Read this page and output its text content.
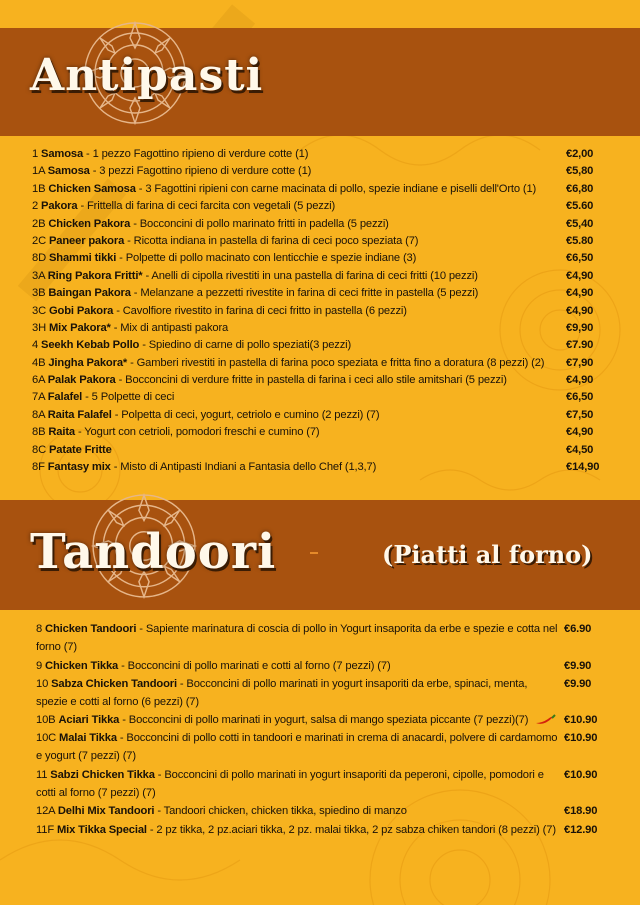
Antipasti
1 Samosa - 1 pezzo Fagottino ripieno di verdure cotte (1)	€2,00
1A Samosa - 3 pezzi Fagottino ripieno di verdure cotte (1)	€5,80
1B Chicken Samosa - 3 Fagottini ripieni con carne macinata di pollo, spezie indiane e piselli dell'Orto (1)	€6,80
2 Pakora - Frittella di farina di ceci farcita con vegetali (5 pezzi)	€5.60
2B Chicken Pakora - Bocconcini di pollo marinato fritti in padella (5 pezzi)	€5,40
2C Paneer pakora - Ricotta indiana in pastella di farina di ceci poco speziata (7)	€5.80
8D Shammi tikki - Polpette di pollo macinato con lenticchie e spezie indiane (3)	€6,50
3A Ring Pakora Fritti* - Anelli di cipolla rivestiti in una pastella di farina di ceci fritti (10 pezzi)	€4,90
3B Baingan Pakora - Melanzane a pezzetti rivestite in farina di ceci fritte in pastella (5 pezzi)	€4,90
3C Gobi Pakora - Cavolfiore rivestito in farina di ceci fritto in pastella (6 pezzi)	€4,90
3H Mix Pakora* - Mix di antipasti pakora	€9,90
4 Seekh Kebab Pollo - Spiedino di carne di pollo speziati(3 pezzi)	€7.90
4B Jingha Pakora* - Gamberi rivestiti in pastella di farina poco speziata e fritta fino a doratura (8 pezzi) (2)	€7,90
6A Palak Pakora - Bocconcini di verdure fritte in pastella di farina i ceci allo stile amitshari (5 pezzi)	€4,90
7A Falafel - 5 Polpette di ceci	€6,50
8A Raita Falafel - Polpetta di ceci, yogurt, cetriolo e cumino (2 pezzi) (7)	€7,50
8B Raita - Yogurt con cetrioli, pomodori freschi e cumino (7)	€4,90
8C Patate Fritte	€4,50
8F Fantasy mix - Misto di Antipasti Indiani a Fantasia dello Chef (1,3,7)	€14,90
Tandoori	(Piatti al forno)
8 Chicken Tandoori - Sapiente marinatura di coscia di pollo in Yogurt insaporita da erbe e spezie e cotta nel forno (7)
€6.90
9 Chicken Tikka - Bocconcini di pollo marinati e cotti al forno (7 pezzi) (7)	€9.90
10 Sabza Chicken Tandoori - Bocconcini di pollo marinati in yogurt insaporiti da erbe, spinaci, menta, spezie e cotti al forno (6 pezzi) (7)
€9.90
10B Aciari Tikka - Bocconcini di pollo marinati in yogurt, salsa di mango speziata piccante (7 pezzi)(7)	€10.90
10C Malai Tikka - Bocconcini di pollo cotti in tandoori e marinati in crema di anacardi, polvere di cardamomo e yogurt (7 pezzi) (7)
€10.90
11 Sabzi Chicken Tikka - Bocconcini di pollo marinati in yogurt insaporiti da peperoni, cipolle, pomodori e cotti al forno (7 pezzi) (7)
€10.90
12A Delhi Mix Tandoori - Tandoori chicken, chicken tikka, spiedino di manzo	€18.90
11F Mix Tikka Special - 2 pz tikka, 2 pz.aciari tikka, 2 pz. malai tikka, 2 pz sabza chiken tandori (8 pezzi) (7) €12.90
